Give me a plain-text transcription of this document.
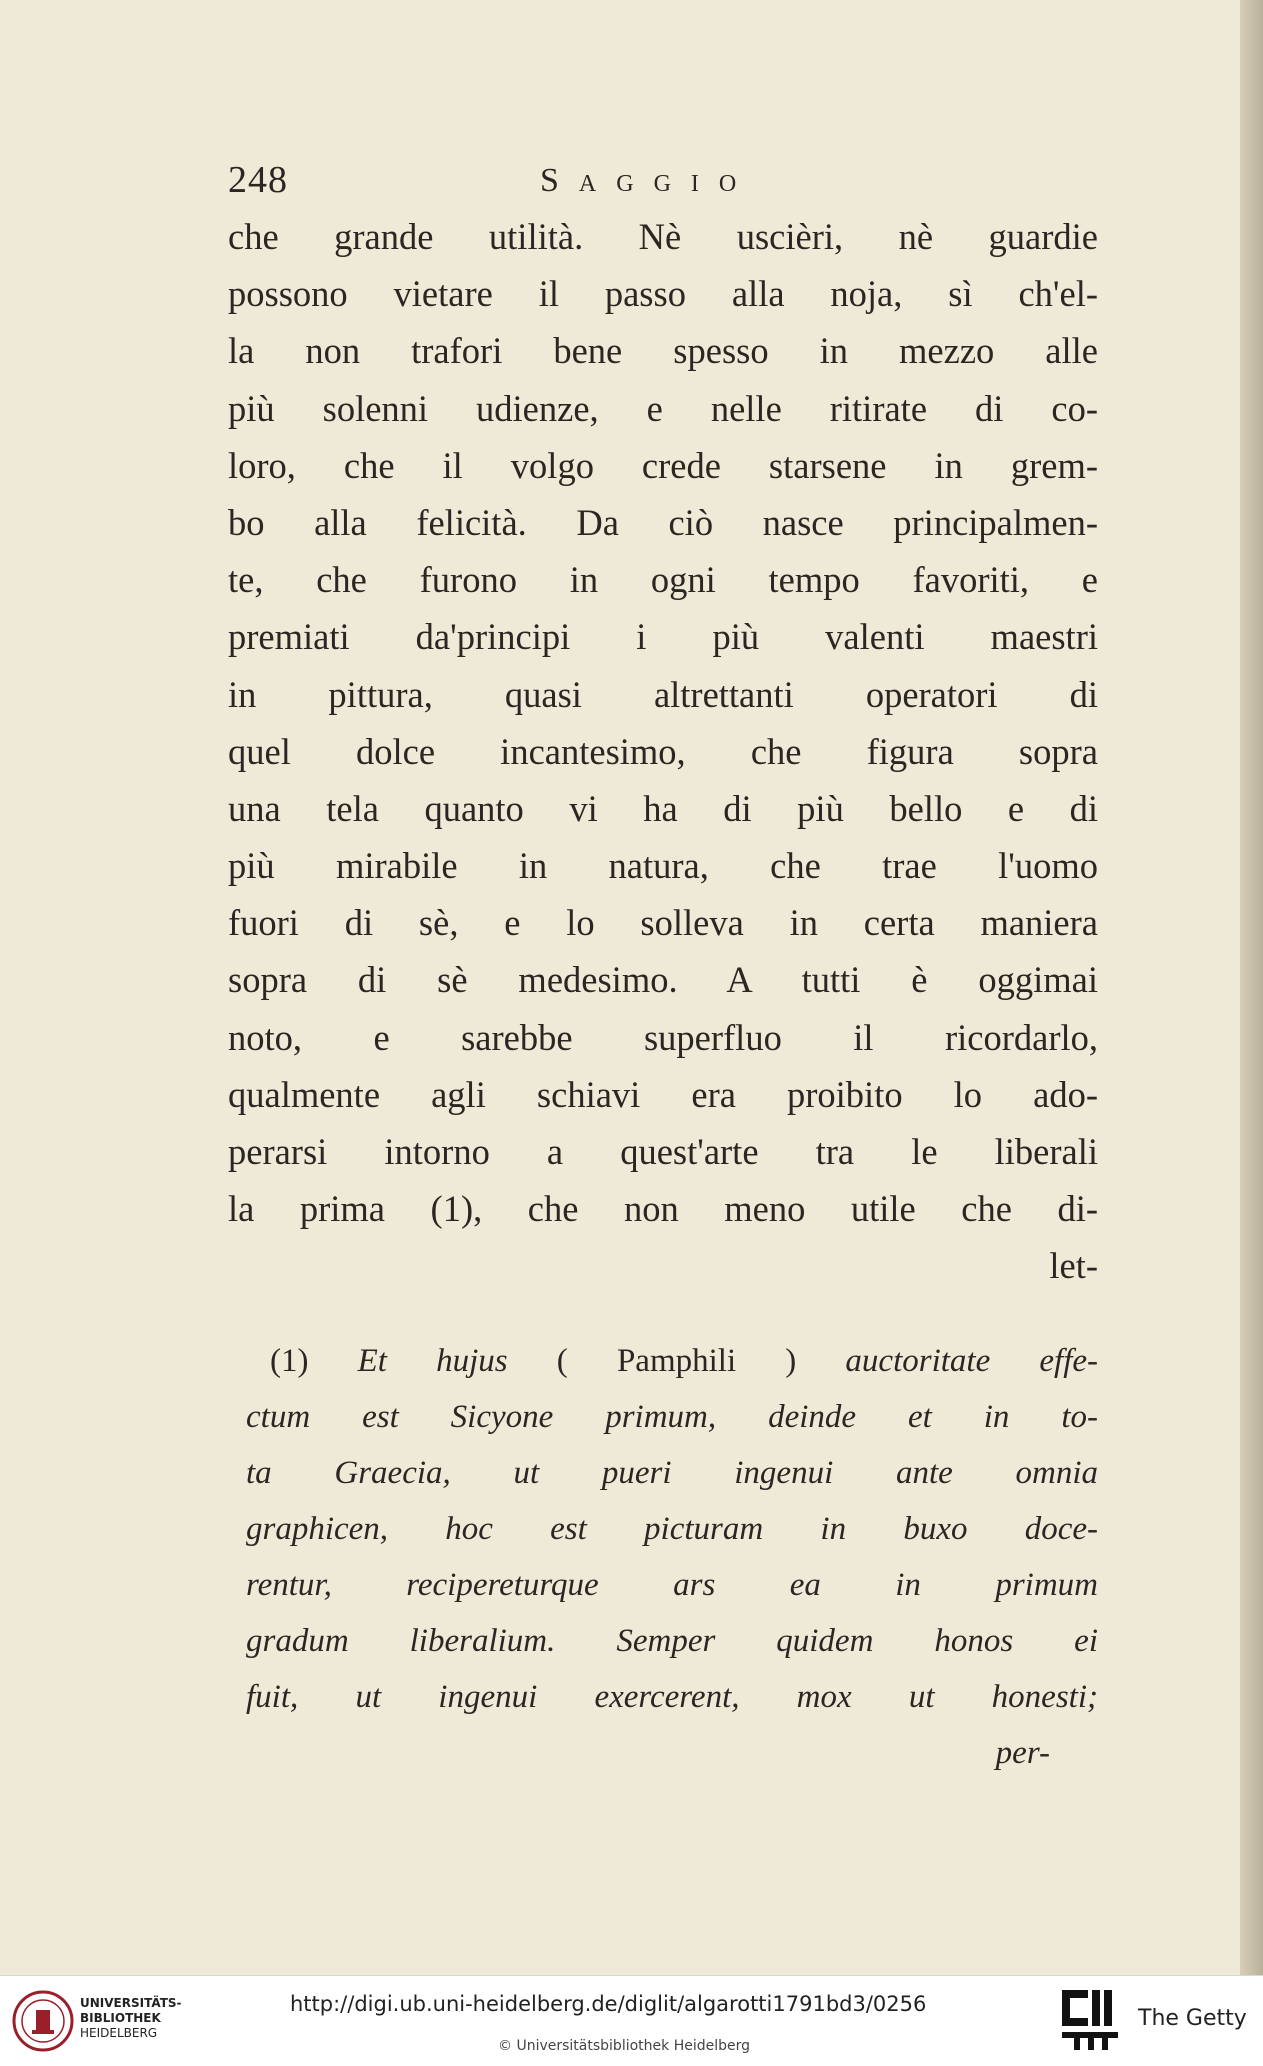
248	Saggio
che grande utilità. Nè uscièri, nè guardie
possono vietare il passo alla noja, sì ch'el-
la non trafori bene spesso in mezzo alle
più solenni udienze, e nelle ritirate di co-
loro, che il volgo crede starsene in grem-
bo alla felicità. Da ciò nasce principalmen-
te, che furono in ogni tempo favoriti, e
premiati da'principi i più valenti maestri
in pittura, quasi altrettanti operatori di
quel dolce incantesimo, che figura sopra
una tela quanto vi ha di più bello e di
più mirabile in natura, che trae l'uomo
fuori di sè, e lo solleva in certa maniera
sopra di sè medesimo. A tutti è oggimai
noto, e sarebbe superfluo il ricordarlo,
qualmente agli schiavi era proibito lo ado-
perarsi intorno a quest'arte tra le liberali
la prima (1), che non meno utile che di-
let-
(1) Et hujus ( Pamphili ) auctoritate effe-
ctum est Sicyone primum, deinde et in to-
ta Graecia, ut pueri ingenui ante omnia
graphicen, hoc est picturam in buxo doce-
rentur, recipereturque ars ea in primum
gradum liberalium. Semper quidem honos ei
fuit, ut ingenui exercerent, mox ut honesti;
per-
UNIVERSITÄTS-
BIBLIOTHEK
HEIDELBERG
http://digi.ub.uni-heidelberg.de/diglit/algarotti1791bd3/0256
© Universitätsbibliothek Heidelberg
The Getty
